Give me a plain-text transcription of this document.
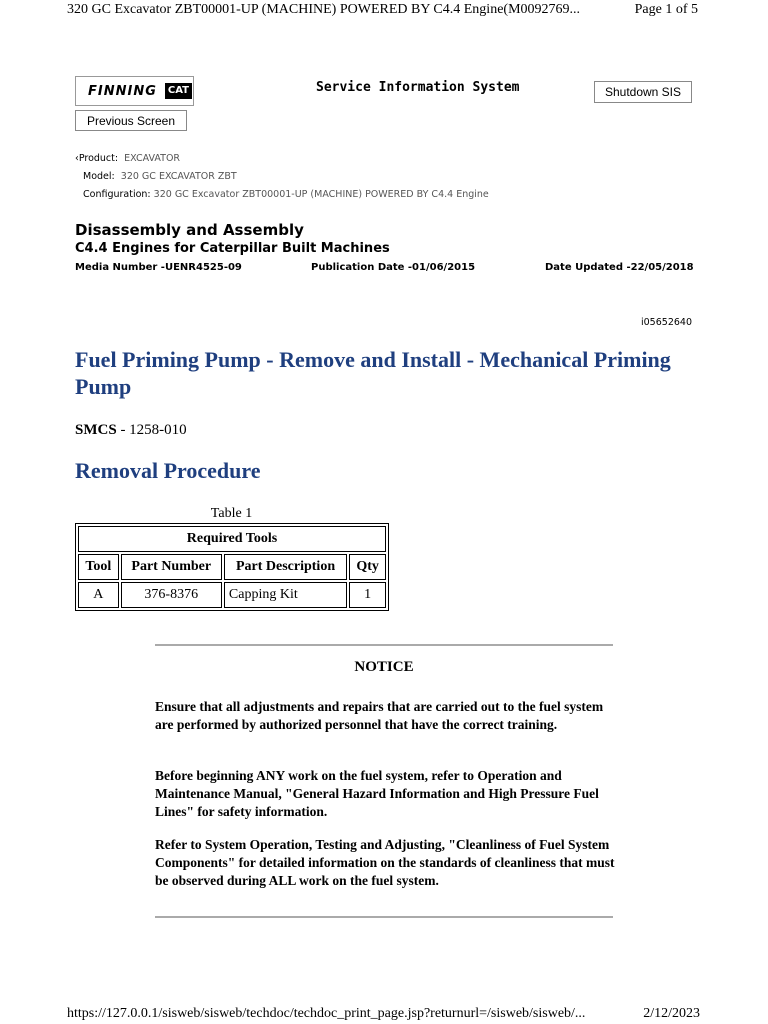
320 GC Excavator ZBT00001-UP (MACHINE) POWERED BY C4.4 Engine(M0092769...	Page 1 of 5
FINNING	CAT	Service Information System	Shutdown SIS
Previous Screen
‹Product: EXCAVATOR
Model: 320 GC EXCAVATOR ZBT
Configuration: 320 GC Excavator ZBT00001-UP (MACHINE) POWERED BY C4.4 Engine
Disassembly and Assembly
C4.4 Engines for Caterpillar Built Machines
Media Number -UENR4525-09	Publication Date -01/06/2015	Date Updated -22/05/2018
i05652640
Fuel Priming Pump - Remove and Install - Mechanical Priming Pump
SMCS - 1258-010
Removal Procedure
Table 1
Required Tools			
Tool	Part Number	Part Description	Qty
A	376-8376	Capping Kit	1
NOTICE
Ensure that all adjustments and repairs that are carried out to the fuel system are performed by authorized personnel that have the correct training.
Before beginning ANY work on the fuel system, refer to Operation and Maintenance Manual, "General Hazard Information and High Pressure Fuel Lines" for safety information.
Refer to System Operation, Testing and Adjusting, "Cleanliness of Fuel System Components" for detailed information on the standards of cleanliness that must be observed during ALL work on the fuel system.
https://127.0.0.1/sisweb/sisweb/techdoc/techdoc_print_page.jsp?returnurl=/sisweb/sisweb/...	2/12/2023
